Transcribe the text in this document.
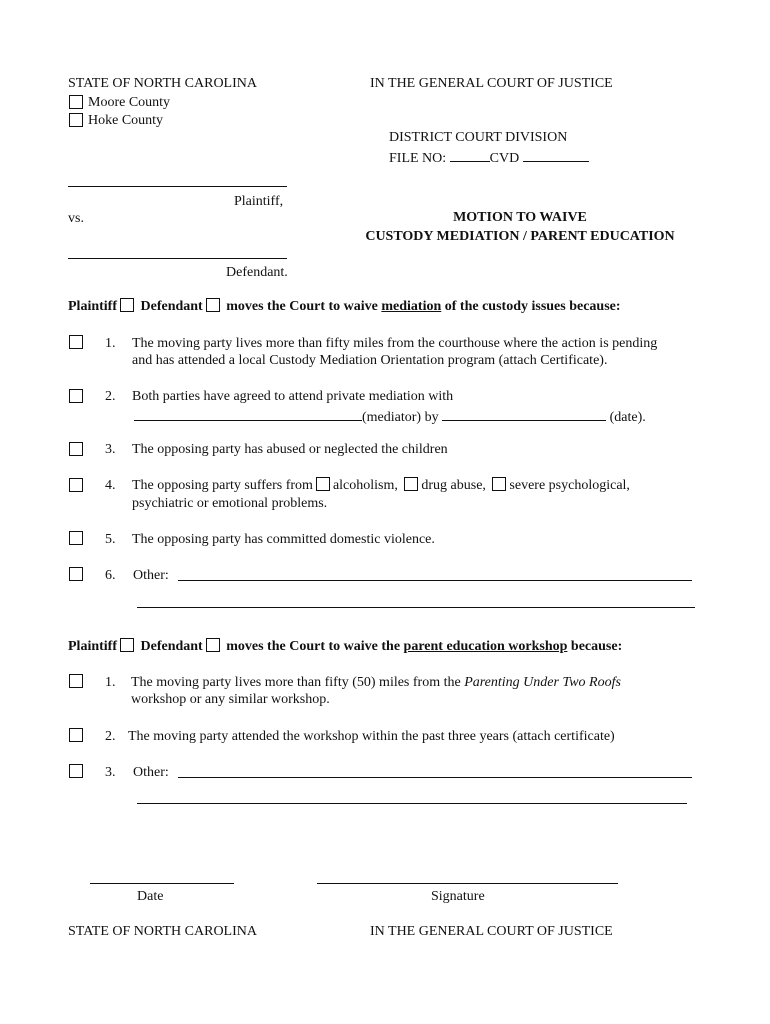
STATE OF NORTH CAROLINA	IN THE GENERAL COURT OF JUSTICE
Moore County
Hoke County
DISTRICT COURT DIVISION
FILE NO:	CVD
Plaintiff,
vs.
Defendant.
MOTION TO WAIVE
CUSTODY MEDIATION / PARENT EDUCATION
Plaintiff Defendant moves the Court to waive mediation of the custody issues because:
1. The moving party lives more than fifty miles from the courthouse where the action is pending
and has attended a local Custody Mediation Orientation program (attach Certificate).
2. Both parties have agreed to attend private mediation with
(mediator) by	(date).
3. The opposing party has abused or neglected the children
4. The opposing party suffers from alcoholism, drug abuse, severe psychological,
psychiatric or emotional problems.
5. The opposing party has committed domestic violence.
6. Other:
Plaintiff Defendant moves the Court to waive the parent education workshop because:
1. The moving party lives more than fifty (50) miles from the Parenting Under Two Roofs
workshop or any similar workshop.
2. The moving party attended the workshop within the past three years (attach certificate)
3. Other:
Date	Signature
STATE OF NORTH CAROLINA	IN THE GENERAL COURT OF JUSTICE
